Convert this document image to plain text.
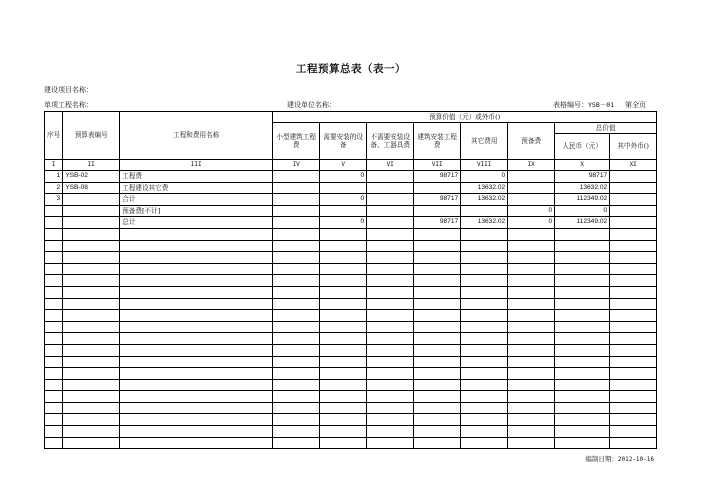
工程预算总表（表一）
建设项目名称：
单项工程名称：	建设单位名称：	表格编号：YSB－01 第全页
序号	预算表编号	工程和费用名称	预算价值（元）或外币()							
			小型建筑工程费	需要安装的设备	不需要安装设备、工器具费	建筑安装工程费	其它费用	预备费	总价值	
									人民币（元）	其中外币()
I	II	III	IV	V	VI	VII	VIII	IX	X	XI
1	YSB-02	工程费		0		98717	0		98717	
2	YSB-08	工程建设其它费					13632.02		13632.02	
3		合计		0		98717	13632.02		112349.02	
		预备费[不计]						0	0	
		总计		0		98717	13632.02	0	112349.02	

编制日期：2012-10-16
